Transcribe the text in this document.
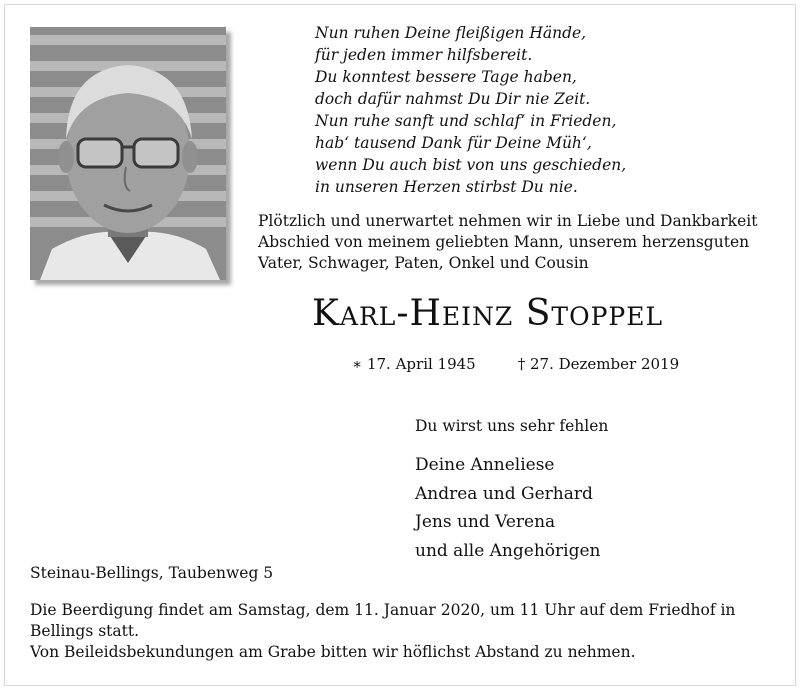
Nun ruhen Deine fleißigen Hände,
für jeden immer hilfsbereit.
Du konntest bessere Tage haben,
doch dafür nahmst Du Dir nie Zeit.
Nun ruhe sanft und schlaf‘ in Frieden,
hab‘ tausend Dank für Deine Müh‘,
wenn Du auch bist von uns geschieden,
in unseren Herzen stirbst Du nie.
Plötzlich und unerwartet nehmen wir in Liebe und Dankbarkeit
Abschied von meinem geliebten Mann, unserem herzensguten
Vater, Schwager, Paten, Onkel und Cousin
Karl-Heinz Stoppel
∗ 17. April 1945	† 27. Dezember 2019
Du wirst uns sehr fehlen
Deine Anneliese
Andrea und Gerhard
Jens und Verena
und alle Angehörigen
Steinau-Bellings, Taubenweg 5
Die Beerdigung findet am Samstag, dem 11. Januar 2020, um 11 Uhr auf dem Friedhof in
Bellings statt.
Von Beileidsbekundungen am Grabe bitten wir höflichst Abstand zu nehmen.
